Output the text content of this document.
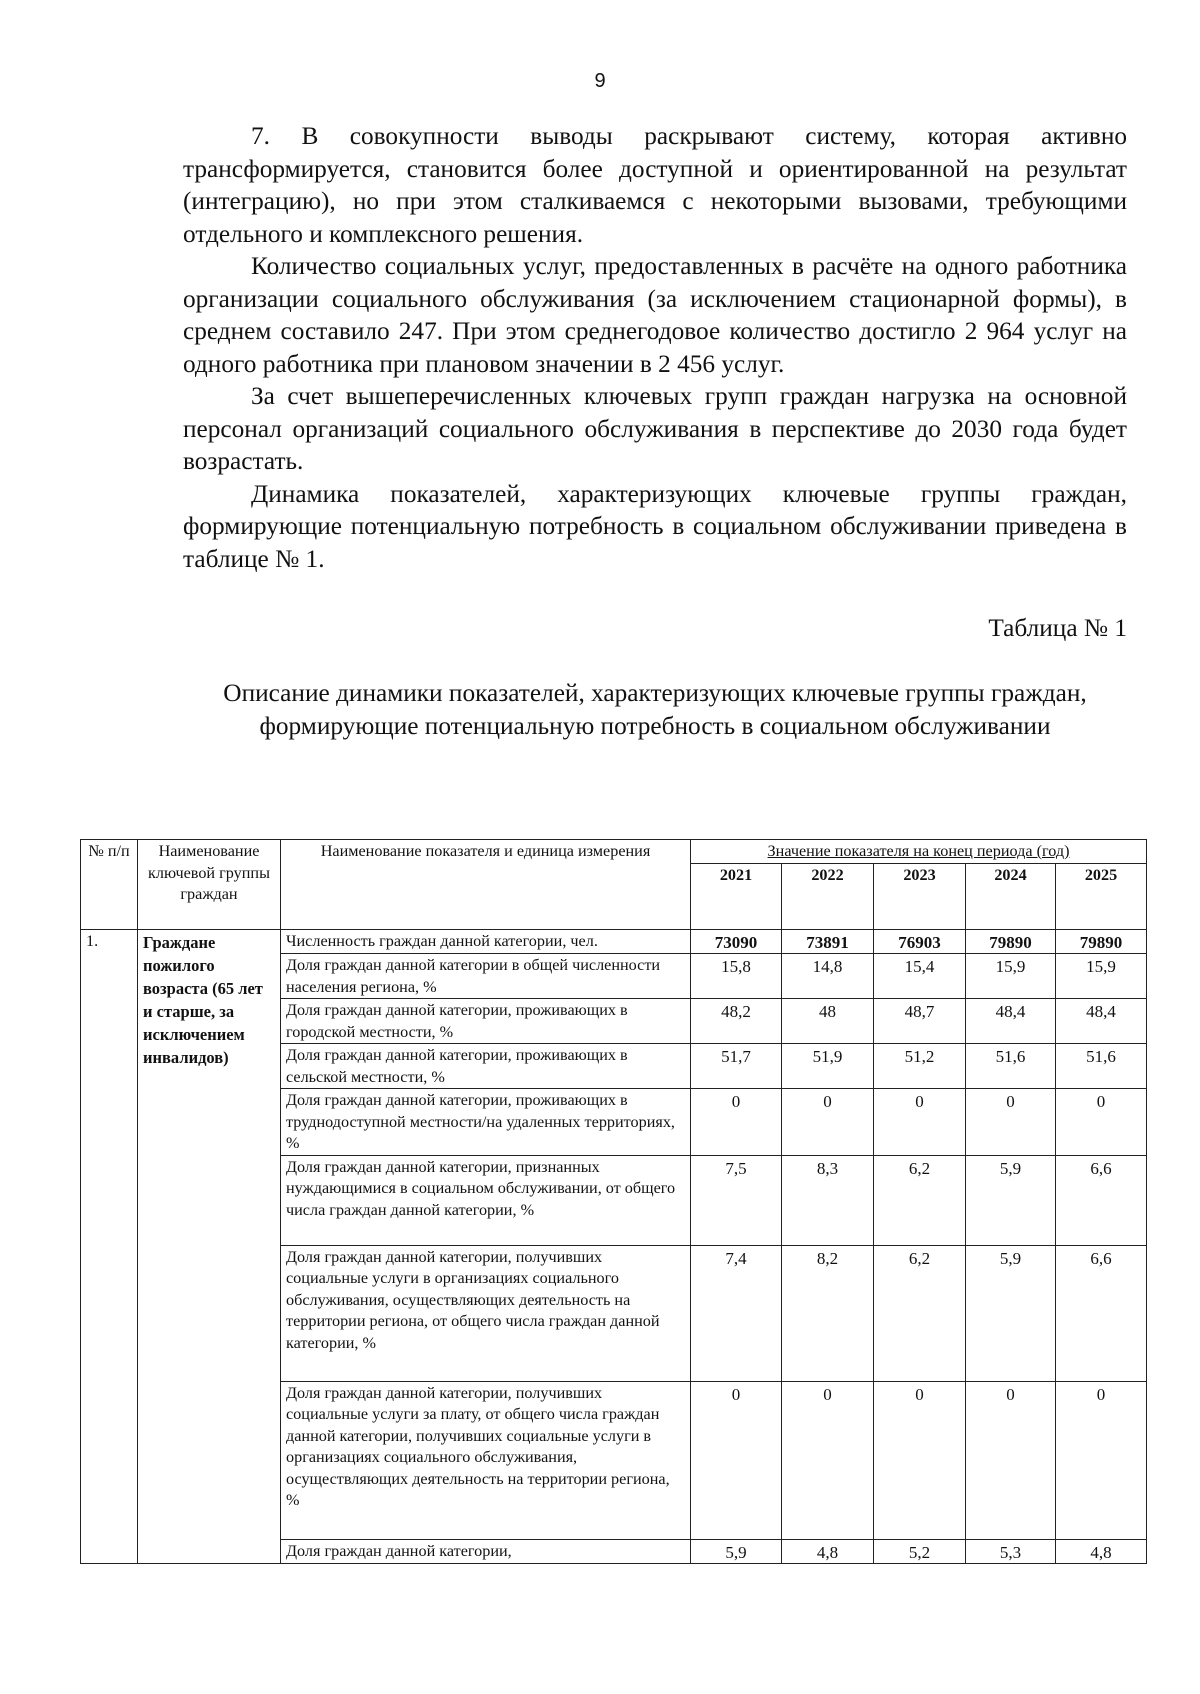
9

7. В совокупности выводы раскрывают систему, которая активно трансформируется, становится более доступной и ориентированной на результат (интеграцию), но при этом сталкиваемся с некоторыми вызовами, требующими отдельного и комплексного решения.

Количество социальных услуг, предоставленных в расчёте на одного работника организации социального обслуживания (за исключением стационарной формы), в среднем составило 247. При этом среднегодовое количество достигло 2 964 услуг на одного работника при плановом значении в 2 456 услуг.

За счет вышеперечисленных ключевых групп граждан нагрузка на основной персонал организаций социального обслуживания в перспективе до 2030 года будет возрастать.

Динамика показателей, характеризующих ключевые группы граждан, формирующие потенциальную потребность в социальном обслуживании приведена в таблице № 1.

Таблица № 1
Описание динамики показателей, характеризующих ключевые группы граждан, формирующие потенциальную потребность в социальном обслуживании
№ п/п	Наименование ключевой группы граждан	Наименование показателя и единица измерения	Значение показателя на конец периода (год)				
			2021	2022	2023	2024	2025
1.	Граждане пожилого возраста (65 лет и старше, за исключением инвалидов)	Численность граждан данной категории, чел.	73090	73891	76903	79890	79890
		Доля граждан данной категории в общей численности населения региона, %	15,8	14,8	15,4	15,9	15,9
		Доля граждан данной категории, проживающих в городской местности, %	48,2	48	48,7	48,4	48,4
		Доля граждан данной категории, проживающих в сельской местности, %	51,7	51,9	51,2	51,6	51,6
		Доля граждан данной категории, проживающих в труднодоступной местности/на удаленных территориях, %	0	0	0	0	0
		Доля граждан данной категории, признанных нуждающимися в социальном обслуживании, от общего числа граждан данной категории, %	7,5	8,3	6,2	5,9	6,6
		Доля граждан данной категории, получивших социальные услуги в организациях социального обслуживания, осуществляющих деятельность на территории региона, от общего числа граждан данной категории, %	7,4	8,2	6,2	5,9	6,6
		Доля граждан данной категории, получивших социальные услуги за плату, от общего числа граждан данной категории, получивших социальные услуги в организациях социального обслуживания, осуществляющих деятельность на территории региона, %	0	0	0	0	0
		Доля граждан данной категории,	5,9	4,8	5,2	5,3	4,8
